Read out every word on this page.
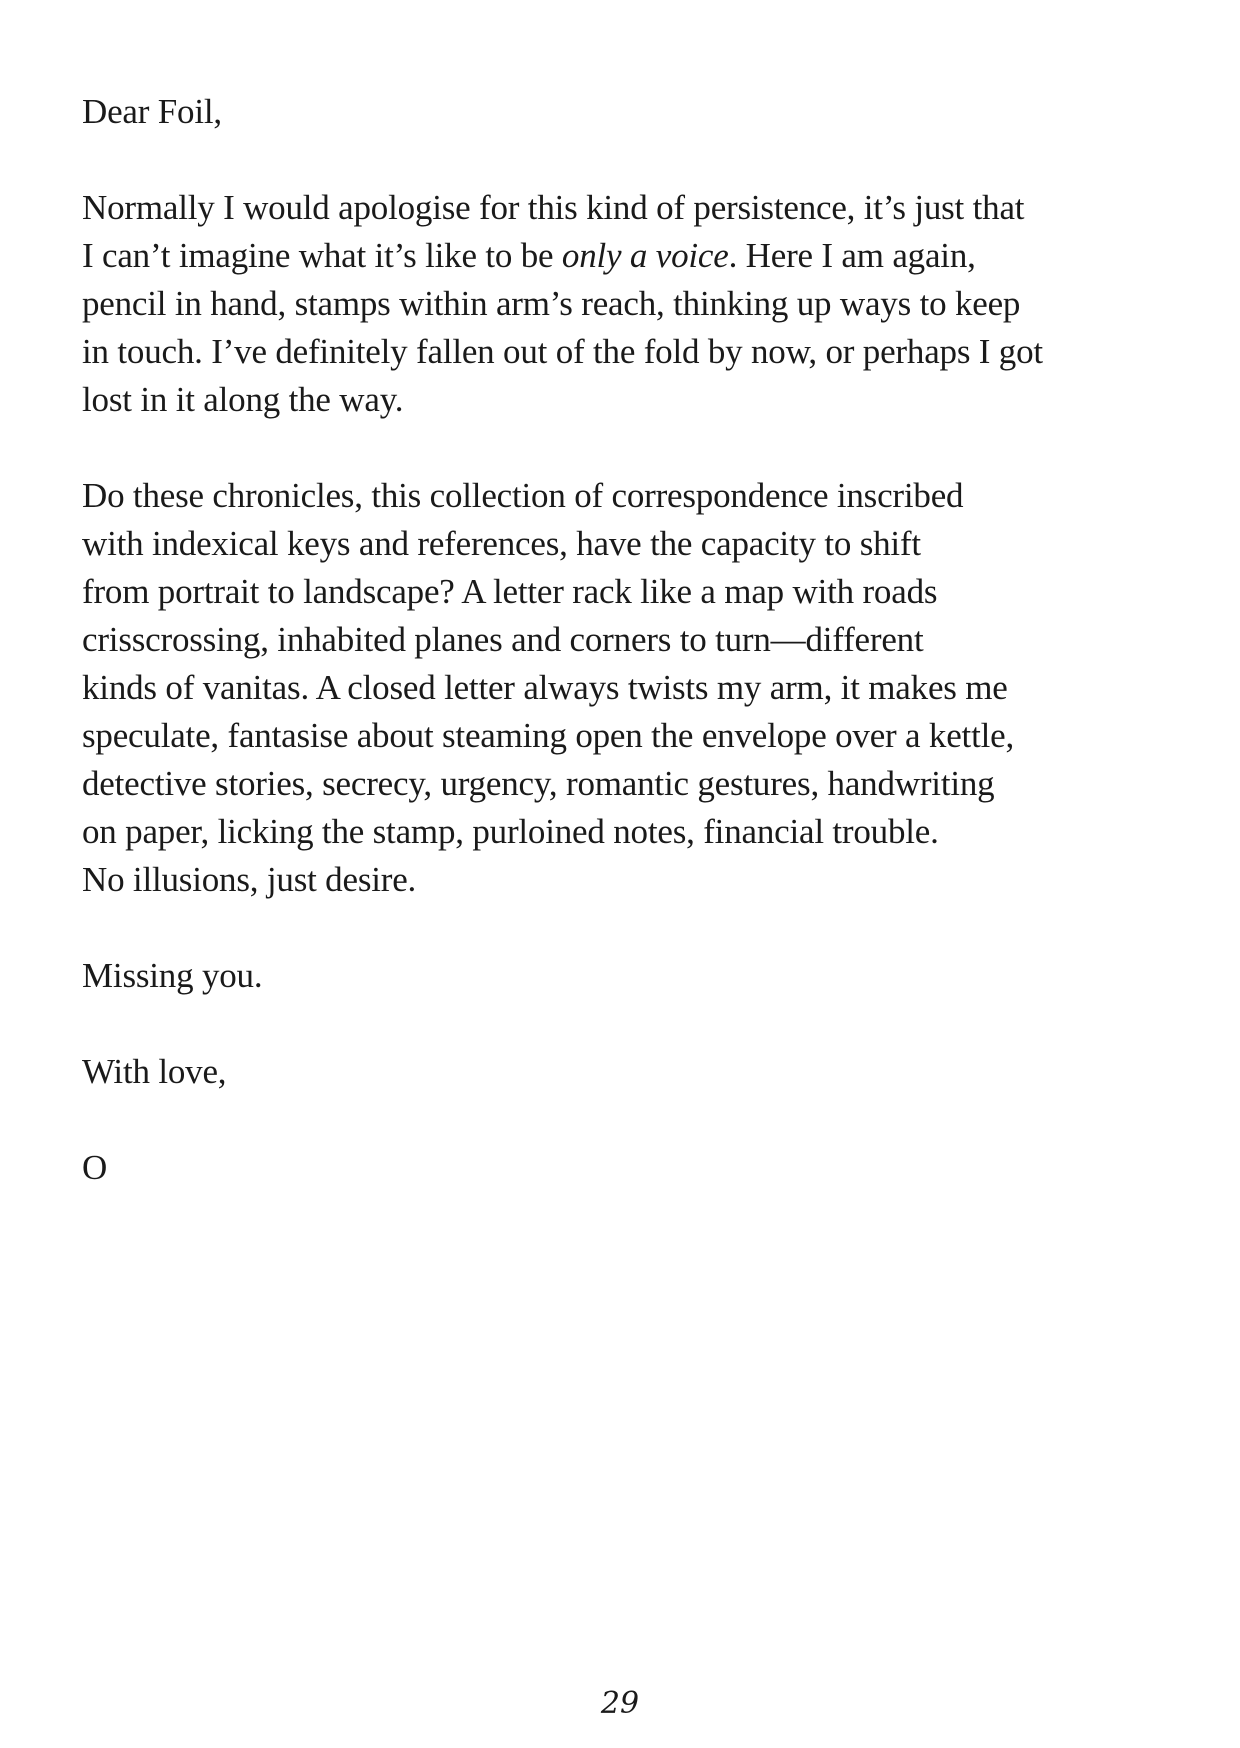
Dear Foil,

Normally I would apologise for this kind of persistence, it’s just that
I can’t imagine what it’s like to be only a voice. Here I am again,
pencil in hand, stamps within arm’s reach, thinking up ways to keep
in touch. I’ve definitely fallen out of the fold by now, or perhaps I got
lost in it along the way.

Do these chronicles, this collection of correspondence inscribed
with indexical keys and references, have the capacity to shift
from portrait to landscape? A letter rack like a map with roads
crisscrossing, inhabited planes and corners to turn—different
kinds of vanitas. A closed letter always twists my arm, it makes me
speculate, fantasise about steaming open the envelope over a kettle,
detective stories, secrecy, urgency, romantic gestures, handwriting
on paper, licking the stamp, purloined notes, financial trouble.
No illusions, just desire.

Missing you.

With love,

O

29
